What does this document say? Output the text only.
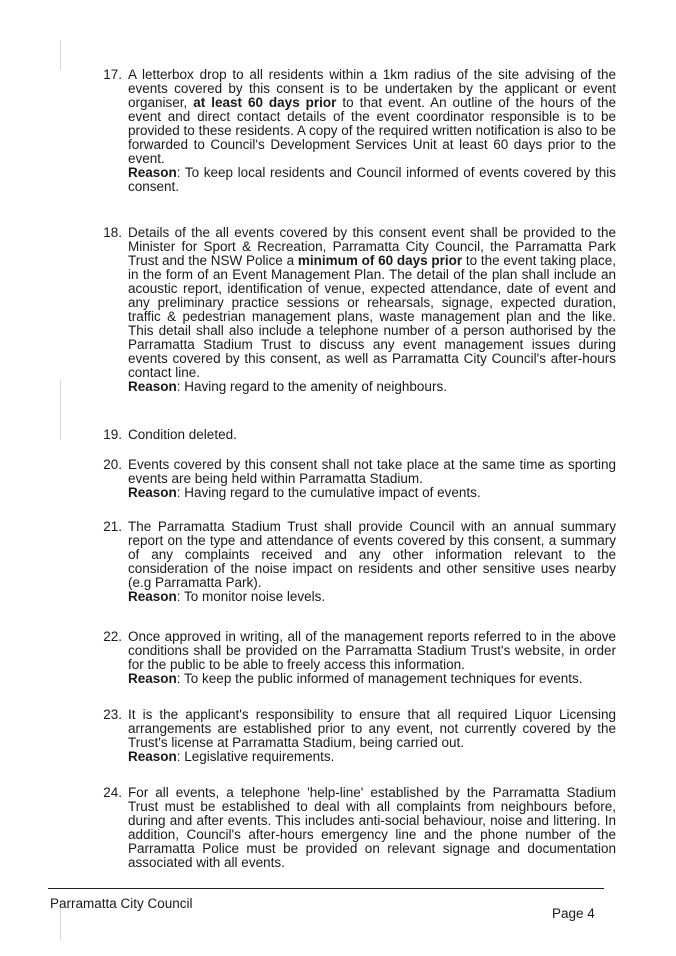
17. A letterbox drop to all residents within a 1km radius of the site advising of the events covered by this consent is to be undertaken by the applicant or event organiser, at least 60 days prior to that event. An outline of the hours of the event and direct contact details of the event coordinator responsible is to be provided to these residents. A copy of the required written notification is also to be forwarded to Council's Development Services Unit at least 60 days prior to the event.
Reason: To keep local residents and Council informed of events covered by this consent.
18. Details of the all events covered by this consent event shall be provided to the Minister for Sport & Recreation, Parramatta City Council, the Parramatta Park Trust and the NSW Police a minimum of 60 days prior to the event taking place, in the form of an Event Management Plan. The detail of the plan shall include an acoustic report, identification of venue, expected attendance, date of event and any preliminary practice sessions or rehearsals, signage, expected duration, traffic & pedestrian management plans, waste management plan and the like. This detail shall also include a telephone number of a person authorised by the Parramatta Stadium Trust to discuss any event management issues during events covered by this consent, as well as Parramatta City Council's after-hours contact line.
Reason: Having regard to the amenity of neighbours.
19. Condition deleted.
20. Events covered by this consent shall not take place at the same time as sporting events are being held within Parramatta Stadium.
Reason: Having regard to the cumulative impact of events.
21. The Parramatta Stadium Trust shall provide Council with an annual summary report on the type and attendance of events covered by this consent, a summary of any complaints received and any other information relevant to the consideration of the noise impact on residents and other sensitive uses nearby (e.g Parramatta Park).
Reason: To monitor noise levels.
22. Once approved in writing, all of the management reports referred to in the above conditions shall be provided on the Parramatta Stadium Trust's website, in order for the public to be able to freely access this information.
Reason: To keep the public informed of management techniques for events.
23. It is the applicant's responsibility to ensure that all required Liquor Licensing arrangements are established prior to any event, not currently covered by the Trust's license at Parramatta Stadium, being carried out.
Reason: Legislative requirements.
24. For all events, a telephone 'help-line' established by the Parramatta Stadium Trust must be established to deal with all complaints from neighbours before, during and after events. This includes anti-social behaviour, noise and littering. In addition, Council's after-hours emergency line and the phone number of the Parramatta Police must be provided on relevant signage and documentation associated with all events.
Parramatta City Council
Page 4
